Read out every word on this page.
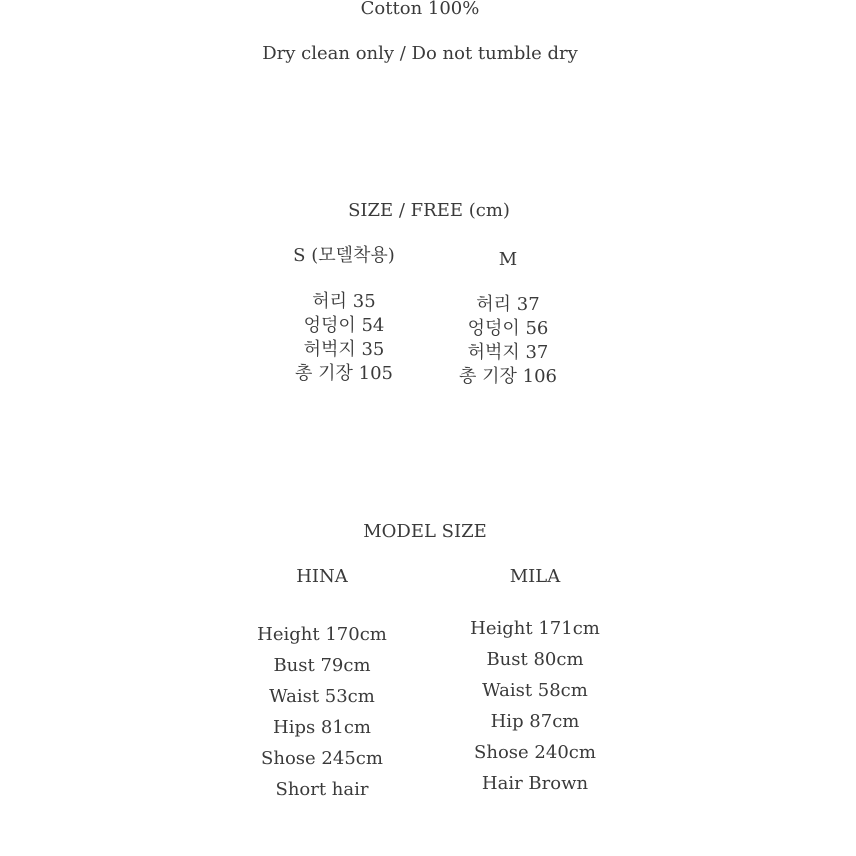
Cotton 100%
Dry clean only / Do not tumble dry
SIZE / FREE (cm)
S (모델착용)	M
허리 35
엉덩이 54
허벅지 35
총 기장 105
허리 37
엉덩이 56
허벅지 37
총 기장 106
MODEL SIZE
HINA	MILA
Height 170cm
Bust 79cm
Waist 53cm
Hips 81cm
Shose 245cm
Short hair
Height 171cm
Bust 80cm
Waist 58cm
Hip 87cm
Shose 240cm
Hair Brown
